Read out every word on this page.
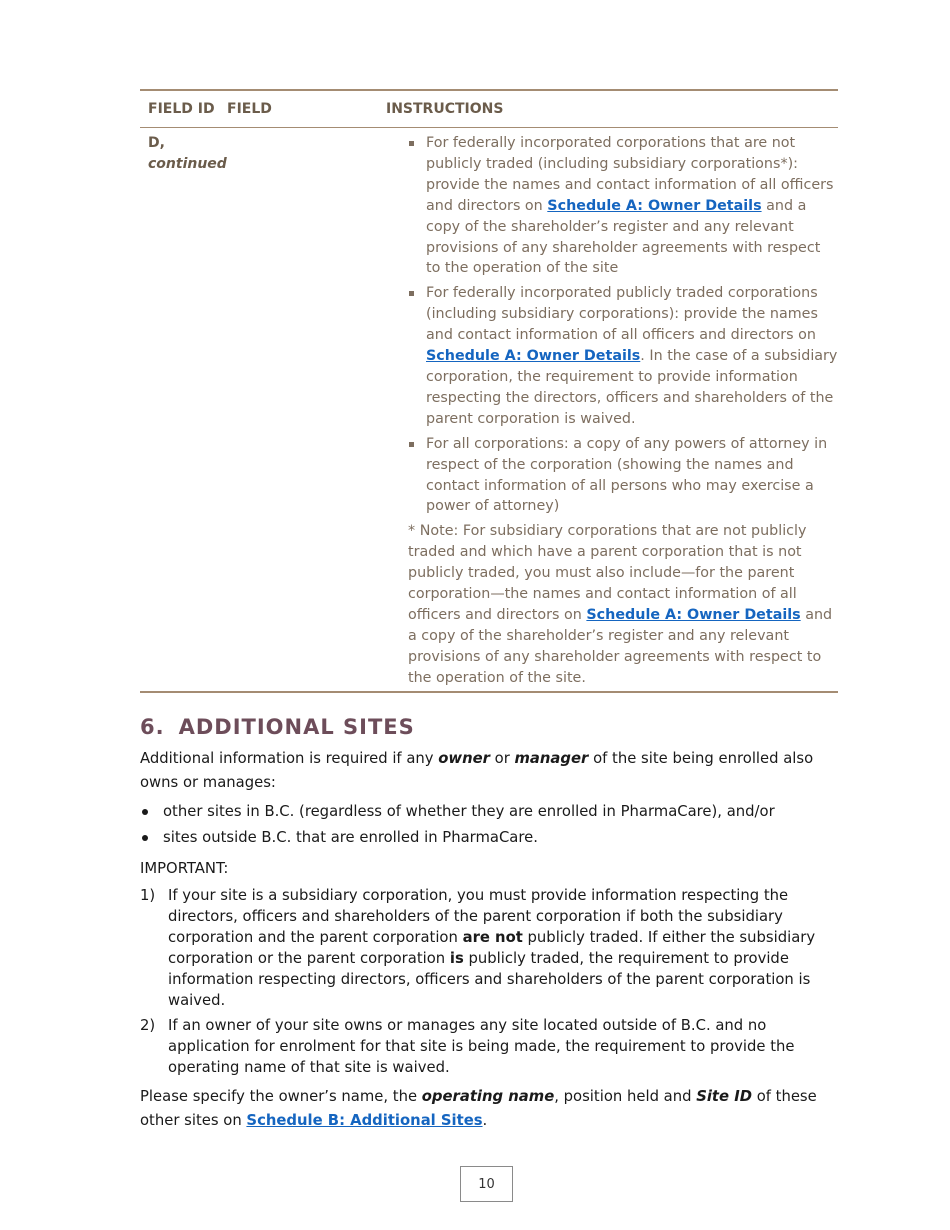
FIELD ID FIELD	INSTRUCTIONS
D,
continued
For federally incorporated corporations that are not publicly traded (including subsidiary corporations*): provide the names and contact information of all officers and directors on Schedule A: Owner Details and a copy of the shareholder’s register and any relevant provisions of any shareholder agreements with respect to the operation of the site
For federally incorporated publicly traded corporations (including subsidiary corporations): provide the names and contact information of all officers and directors on Schedule A: Owner Details. In the case of a subsidiary corporation, the requirement to provide information respecting the directors, officers and shareholders of the parent corporation is waived.
For all corporations: a copy of any powers of attorney in respect of the corporation (showing the names and contact information of all persons who may exercise a power of attorney)
* Note: For subsidiary corporations that are not publicly traded and which have a parent corporation that is not publicly traded, you must also include—for the parent corporation—the names and contact information of all officers and directors on Schedule A: Owner Details and a copy of the shareholder’s register and any relevant provisions of any shareholder agreements with respect to the operation of the site.
6. ADDITIONAL SITES
Additional information is required if any owner or manager of the site being enrolled also owns or manages:
other sites in B.C. (regardless of whether they are enrolled in PharmaCare), and/or
sites outside B.C. that are enrolled in PharmaCare.
IMPORTANT:
1) If your site is a subsidiary corporation, you must provide information respecting the directors, officers and shareholders of the parent corporation if both the subsidiary corporation and the parent corporation are not publicly traded. If either the subsidiary corporation or the parent corporation is publicly traded, the requirement to provide information respecting directors, officers and shareholders of the parent corporation is waived.
2) If an owner of your site owns or manages any site located outside of B.C. and no application for enrolment for that site is being made, the requirement to provide the operating name of that site is waived.
Please specify the owner’s name, the operating name, position held and Site ID of these other sites on Schedule B: Additional Sites.
10
